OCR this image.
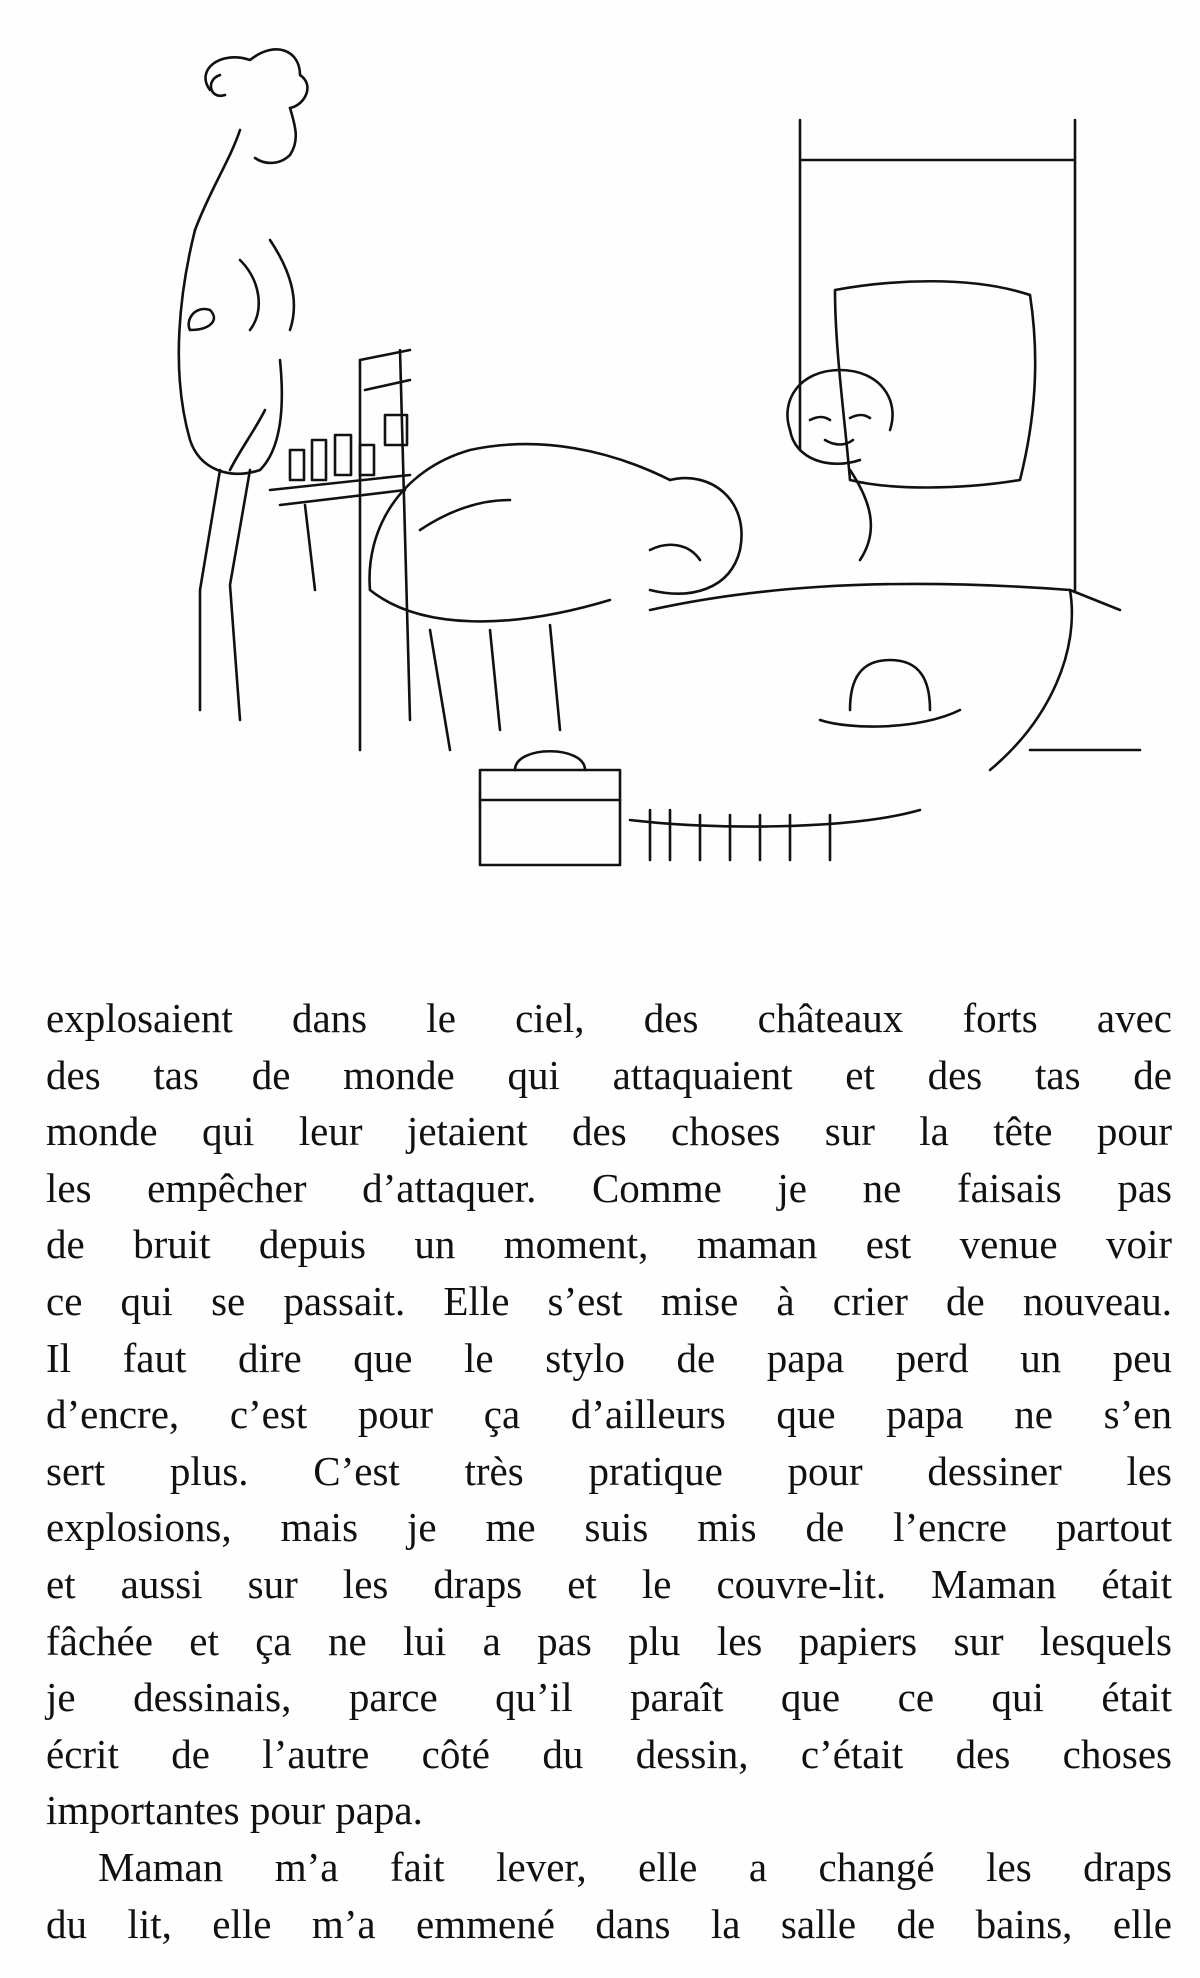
explosaient dans le ciel, des châteaux forts avec
des tas de monde qui attaquaient et des tas de
monde qui leur jetaient des choses sur la tête pour
les empêcher d’attaquer. Comme je ne faisais pas
de bruit depuis un moment, maman est venue voir
ce qui se passait. Elle s’est mise à crier de nouveau.
Il faut dire que le stylo de papa perd un peu
d’encre, c’est pour ça d’ailleurs que papa ne s’en
sert plus. C’est très pratique pour dessiner les
explosions, mais je me suis mis de l’encre partout
et aussi sur les draps et le couvre-lit. Maman était
fâchée et ça ne lui a pas plu les papiers sur lesquels
je dessinais, parce qu’il paraît que ce qui était
écrit de l’autre côté du dessin, c’était des choses
importantes pour papa.
Maman m’a fait lever, elle a changé les draps
du lit, elle m’a emmené dans la salle de bains, elle
